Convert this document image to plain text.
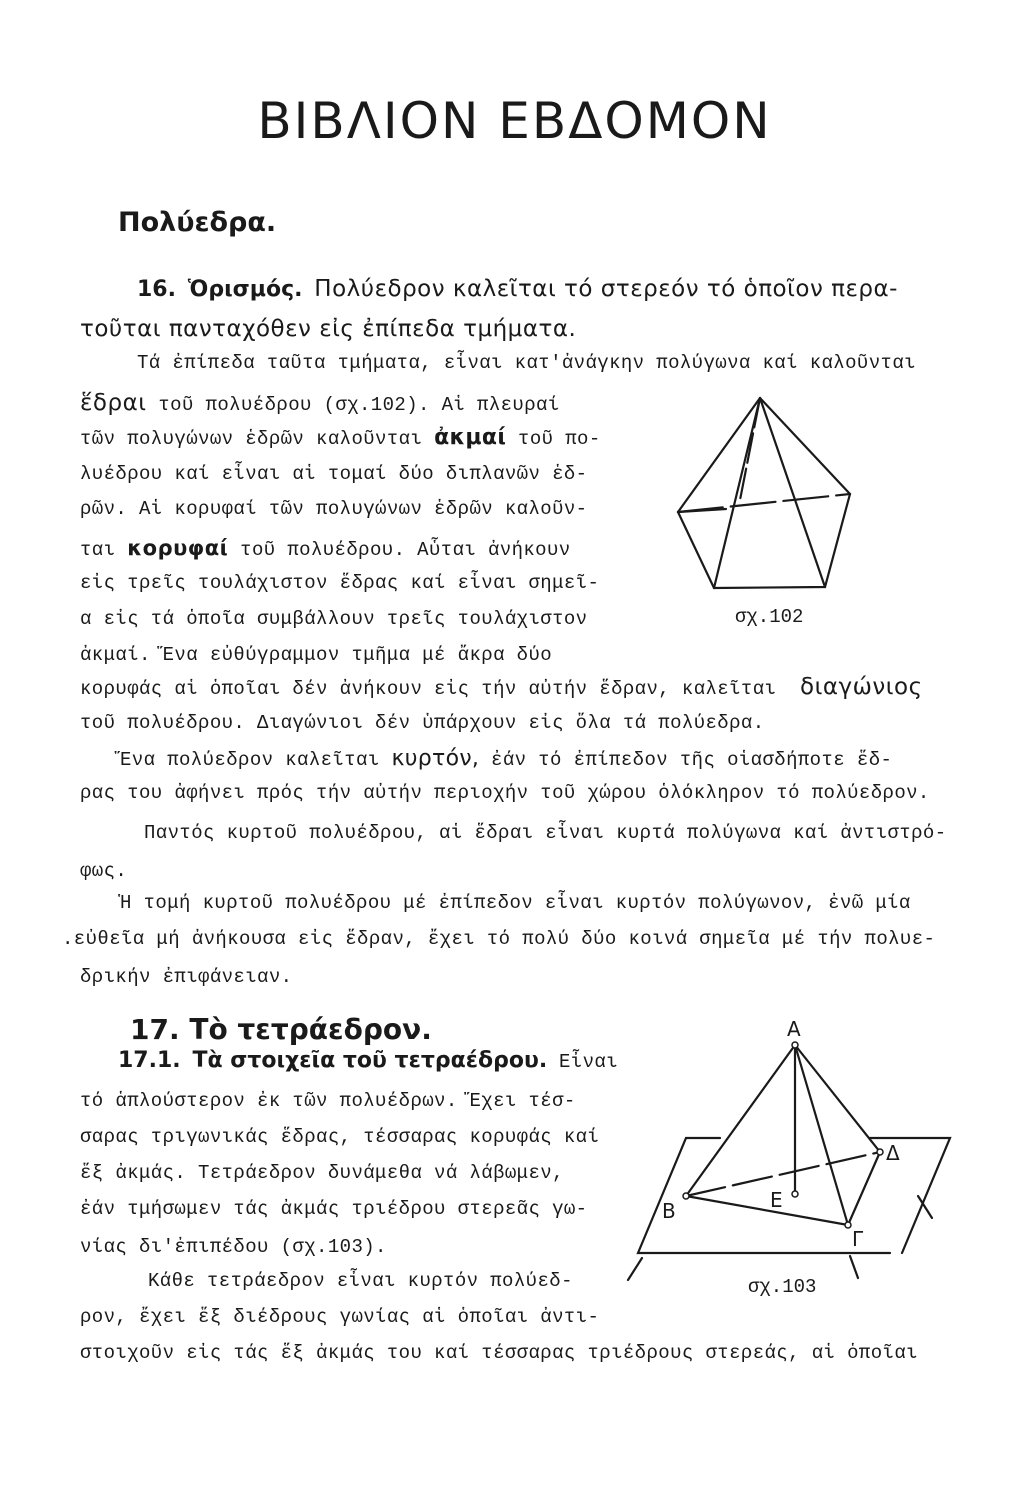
ΒΙΒΛΙΟΝ ΕΒΔΟΜΟΝ
Πολύεδρα.
16. Ὁρισμός. Πολύεδρον καλεῖται τό στερεόν τό ὁποῖον περα-
τοῦται πανταχόθεν εἰς ἐπίπεδα τμήματα.
Τά ἐπίπεδα ταῦτα τμήματα, εἶναι κατ'ἀνάγκην πολύγωνα καί καλοῦνται
ἕδραι τοῦ πολυέδρου (σχ.102). Αἱ πλευραί
τῶν πολυγώνων ἑδρῶν καλοῦνται ἀκμαί τοῦ πο-
λυέδρου καί εἶναι αἱ τομαί δύο διπλανῶν ἑδ-
ρῶν. Αἱ κορυφαί τῶν πολυγώνων ἑδρῶν καλοῦν-
ται κορυφαί τοῦ πολυέδρου. Αὗται ἀνήκουν
εἰς τρεῖς τουλάχιστον ἕδρας καί εἶναι σημεῖ-
α εἰς τά ὁποῖα συμβάλλουν τρεῖς τουλάχιστον
ἀκμαί. Ἕνα εὐθύγραμμον τμῆμα μέ ἄκρα δύο
κορυφάς αἱ ὁποῖαι δέν ἀνήκουν εἰς τήν αὐτήν ἕδραν, καλεῖται διαγώνιος
τοῦ πολυέδρου. Διαγώνιοι δέν ὑπάρχουν εἰς ὅλα τά πολύεδρα.
Ἕνα πολύεδρον καλεῖται κυρτόν, ἐάν τό ἐπίπεδον τῆς οἱασδήποτε ἕδ-
ρας του ἀφήνει πρός τήν αὐτήν περιοχήν τοῦ χώρου ὁλόκληρον τό πολύεδρον.
Παντός κυρτοῦ πολυέδρου, αἱ ἕδραι εἶναι κυρτά πολύγωνα καί ἀντιστρό-
φως.
Ἡ τομή κυρτοῦ πολυέδρου μέ ἐπίπεδον εἶναι κυρτόν πολύγωνον, ἐνῶ μία
.εὐθεῖα μή ἀνήκουσα εἰς ἕδραν, ἔχει τό πολύ δύο κοινά σημεῖα μέ τήν πολυε-
δρικήν ἐπιφάνειαν.
σχ.102
17. Τὸ τετράεδρον.
17.1. Τὰ στοιχεῖα τοῦ τετραέδρου. Εἶναι
τό ἁπλούστερον ἐκ τῶν πολυέδρων. Ἔχει τέσ-
σαρας τριγωνικάς ἕδρας, τέσσαρας κορυφάς καί
ἕξ ἀκμάς. Τετράεδρον δυνάμεθα νά λάβωμεν,
ἐάν τμήσωμεν τάς ἀκμάς τριέδρου στερεᾶς γω-
νίας δι'ἐπιπέδου (σχ.103).
Κάθε τετράεδρον εἶναι κυρτόν πολύεδ-
ρον, ἔχει ἕξ διέδρους γωνίας αἱ ὁποῖαι ἀντι-
στοιχοῦν εἰς τάς ἕξ ἀκμάς του καί τέσσαρας τριέδρους στερεάς, αἱ ὁποῖαι
Α
Β
Γ
Δ
Ε
σχ.103
